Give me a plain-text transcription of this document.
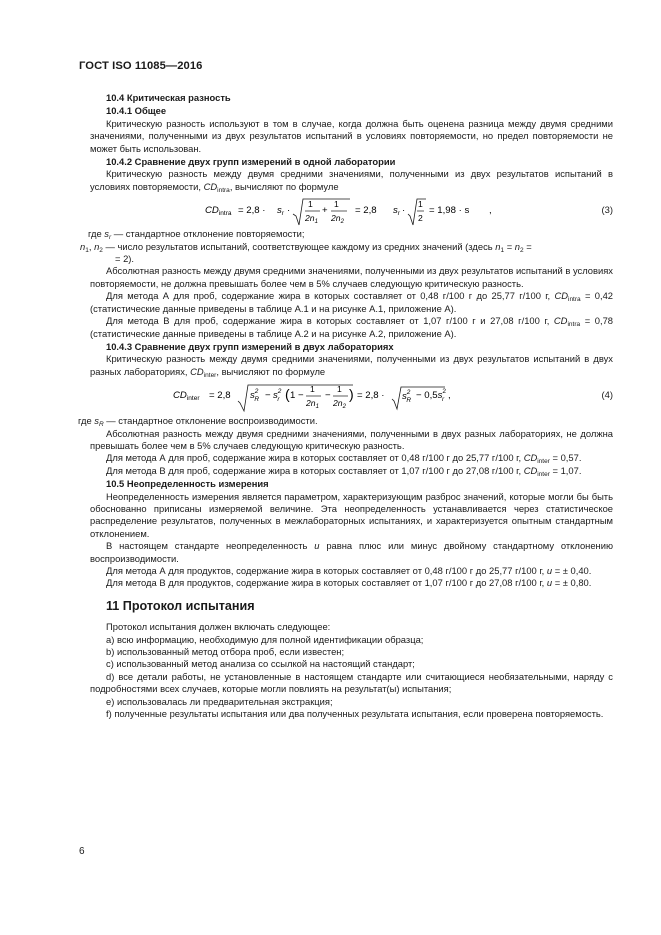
ГОСТ ISO 11085—2016

10.4 Критическая разность

10.4.1 Общее

Критическую разность используют в том в случае, когда должна быть оценена разница между двумя средними значениями, полученными из двух результатов испытаний в условиях повторяемости, но предел повторяемости не может быть использован.

10.4.2 Сравнение двух групп измерений в одной лаборатории

Критическую разность между двумя средними значениями, полученными из двух результатов испытаний в условиях повторяемости, $CD_{intra}$, вычисляют по формуле

$CD_{intra} = 2,8 \cdot s_r$ ·
1
$2n_1$
+
1
$2n_2$
= 2,8 $s_r$ ·
1
2
= 1,98 · s ,	(3)

где $s_r$ — стандартное отклонение повторяемости;

$n_1$, $n_2$ — число результатов испытаний, соответствующее каждому из средних значений (здесь $n_1 = n_2$ =

= 2).

Абсолютная разность между двумя средними значениями, полученными из двух результатов испытаний в условиях повторяемости, не должна превышать более чем в 5% случаев следующую критическую разность.

Для метода А для проб, содержание жира в которых составляет от 0,48 г/100 г до 25,77 г/100 г, $CD_{intra} = 0,42$ (статистические данные приведены в таблице А.1 и на рисунке А.1, приложение А).

Для метода В для проб, содержание жира в которых составляет от 1,07 г/100 г и 27,08 г/100 г, $CD_{intra} = 0,78$ (статистические данные приведены в таблице А.2 и на рисунке А.2, приложение А).

10.4.3 Сравнение двух групп измерений в двух лабораториях

Критическую разность между двумя средними значениями, полученными из двух результатов испытаний в двух разных лабораториях, $CD_{inter}$, вычисляют по формуле

$CD_{inter} = 2,8$ $s^2$ $R - s^2$ r ( 1 −
1
$2n_1$
−
1
$2n_2$
) = $2,8 \cdot s^2$ $R - 0,5s^2$ r ,	(4)

где $s_R$ — стандартное отклонение воспроизводимости.

Абсолютная разность между двумя средними значениями, полученными в двух разных лабораториях, не должна превышать более чем в 5% случаев следующую критическую разность.

Для метода А для проб, содержание жира в которых составляет от 0,48 г/100 г до 25,77 г/100 г, $CD_{inter} = 0,57$.

Для метода В для проб, содержание жира в которых составляет от 1,07 г/100 г до 27,08 г/100 г, $CD_{inter} = 1,07$.

10.5 Неопределенность измерения

Неопределенность измерения является параметром, характеризующим разброс значений, которые могли бы быть обоснованно приписаны измеряемой величине. Эта неопределенность устанавливается через статистическое распределение результатов, полученных в межлабораторных испытаниях, и характеризуется опытным стандартным отклонением.

В настоящем стандарте неопределенность u равна плюс или минус двойному стандартному отклонению воспроизводимости.

Для метода А для продуктов, содержание жира в которых составляет от 0,48 г/100 г до 25,77 г/100 г, u = ± 0,40.

Для метода В для продуктов, содержание жира в которых составляет от 1,07 г/100 г до 27,08 г/100 г, u = ± 0,80.

11 Протокол испытания

Протокол испытания должен включать следующее:

а) всю информацию, необходимую для полной идентификации образца;

b) использованный метод отбора проб, если известен;

с) использованный метод анализа со ссылкой на настоящий стандарт;

d) все детали работы, не установленные в настоящем стандарте или считающиеся необязательными, наряду с подробностями всех случаев, которые могли повлиять на результат(ы) испытания;

е) использовалась ли предварительная экстракция;

f) полученные результаты испытания или два полученных результата испытания, если проверена повторяемость.

6
